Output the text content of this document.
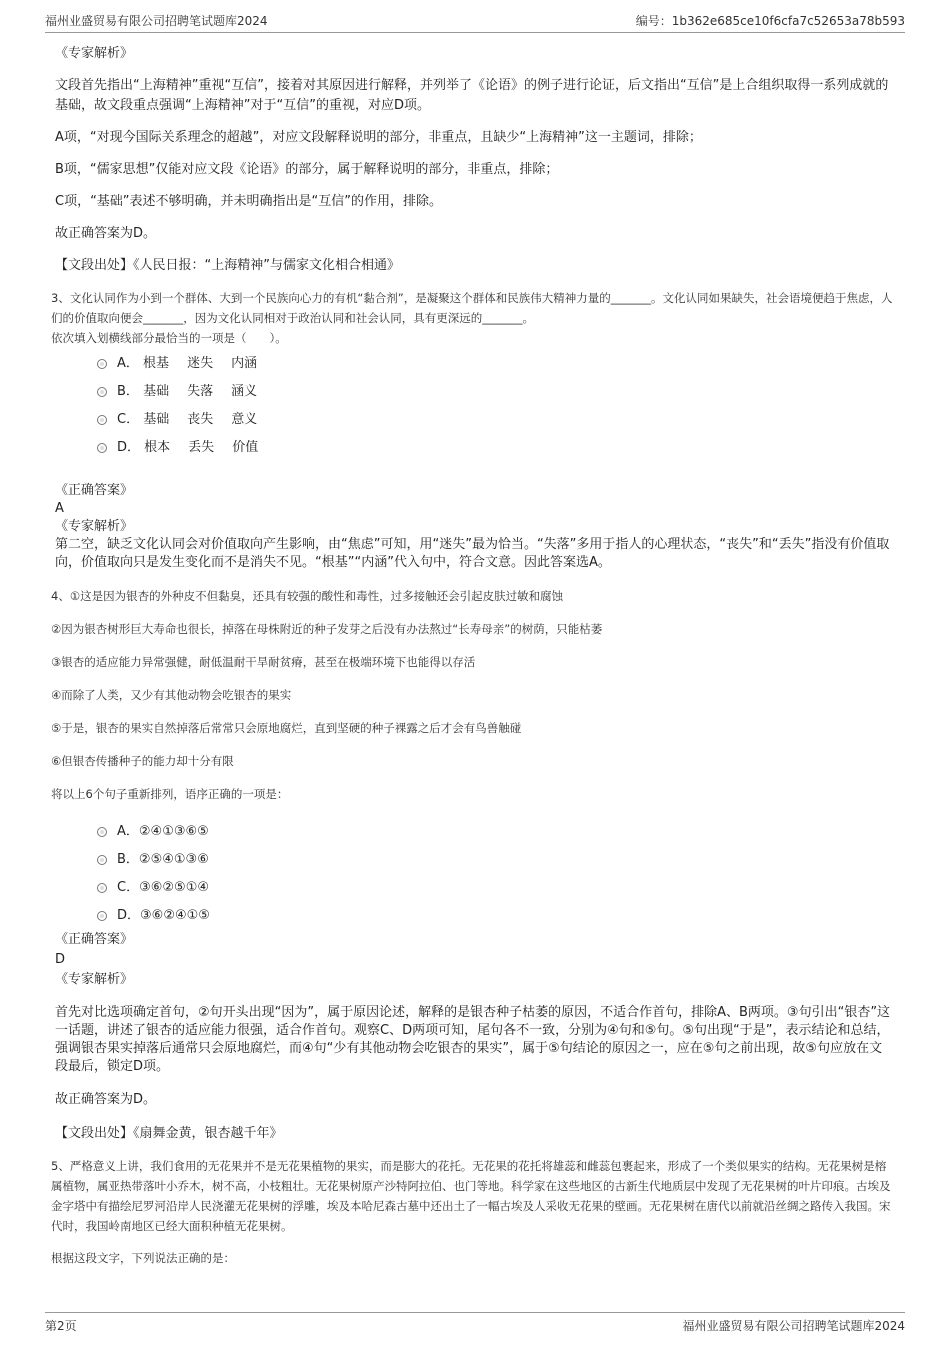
福州业盛贸易有限公司招聘笔试题库2024	编号：1b362e685ce10f6cfa7c52653a78b593

《专家解析》

文段首先指出“上海精神”重视“互信”，接着对其原因进行解释，并列举了《论语》的例子进行论证，后文指出“互信”是上合组织取得一系列成就的基础，故文段重点强调“上海精神”对于“互信”的重视，对应D项。

A项，“对现今国际关系理念的超越”，对应文段解释说明的部分，非重点，且缺少“上海精神”这一主题词，排除；

B项，“儒家思想”仅能对应文段《论语》的部分，属于解释说明的部分，非重点，排除；

C项，“基础”表述不够明确，并未明确指出是“互信”的作用，排除。

故正确答案为D。

【文段出处】《人民日报：“上海精神”与儒家文化相合相通》

3、文化认同作为小到一个群体、大到一个民族向心力的有机“黏合剂”，是凝聚这个群体和民族伟大精神力量的_______。文化认同如果缺失，社会语境便趋于焦虑，人们的价值取向便会_______，因为文化认同相对于政治认同和社会认同，具有更深远的_______。

依次填入划横线部分最恰当的一项是（　　）。

A． 根基 迷失 内涵
B． 基础 失落 涵义
C． 基础 丧失 意义
D． 根本 丢失 价值

《正确答案》

A

《专家解析》

第二空，缺乏文化认同会对价值取向产生影响，由“焦虑”可知，用“迷失”最为恰当。“失落”多用于指人的心理状态，“丧失”和“丢失”指没有价值取向，价值取向只是发生变化而不是消失不见。“根基”“内涵”代入句中，符合文意。因此答案选A。

4、①这是因为银杏的外种皮不但黏臭，还具有较强的酸性和毒性，过多接触还会引起皮肤过敏和腐蚀

②因为银杏树形巨大寿命也很长，掉落在母株附近的种子发芽之后没有办法熬过“长寿母亲”的树荫，只能枯萎

③银杏的适应能力异常强健，耐低温耐干旱耐贫瘠，甚至在极端环境下也能得以存活

④而除了人类，又少有其他动物会吃银杏的果实

⑤于是，银杏的果实自然掉落后常常只会原地腐烂，直到坚硬的种子裸露之后才会有鸟兽触碰

⑥但银杏传播种子的能力却十分有限

将以上6个句子重新排列，语序正确的一项是：

A．②④①③⑥⑤
B．②⑤④①③⑥
C．③⑥②⑤①④
D．③⑥②④①⑤

《正确答案》

D

《专家解析》

首先对比选项确定首句，②句开头出现“因为”，属于原因论述，解释的是银杏种子枯萎的原因，不适合作首句，排除A、B两项。③句引出“银杏”这一话题，讲述了银杏的适应能力很强，适合作首句。观察C、D两项可知，尾句各不一致，分别为④句和⑤句。⑤句出现“于是”，表示结论和总结，强调银杏果实掉落后通常只会原地腐烂，而④句“少有其他动物会吃银杏的果实”，属于⑤句结论的原因之一，应在⑤句之前出现，故⑤句应放在文段最后，锁定D项。

故正确答案为D。

【文段出处】《扇舞金黄，银杏越千年》

5、严格意义上讲，我们食用的无花果并不是无花果植物的果实，而是膨大的花托。无花果的花托将雄蕊和雌蕊包裹起来，形成了一个类似果实的结构。无花果树是榕属植物，属亚热带落叶小乔木，树不高，小枝粗壮。无花果树原产沙特阿拉伯、也门等地。科学家在这些地区的古新生代地质层中发现了无花果树的叶片印痕。古埃及金字塔中有描绘尼罗河沿岸人民浇灌无花果树的浮雕，埃及本哈尼森古墓中还出土了一幅古埃及人采收无花果的壁画。无花果树在唐代以前就沿丝绸之路传入我国。宋代时，我国岭南地区已经大面积种植无花果树。

根据这段文字，下列说法正确的是：

第2页	福州业盛贸易有限公司招聘笔试题库2024
